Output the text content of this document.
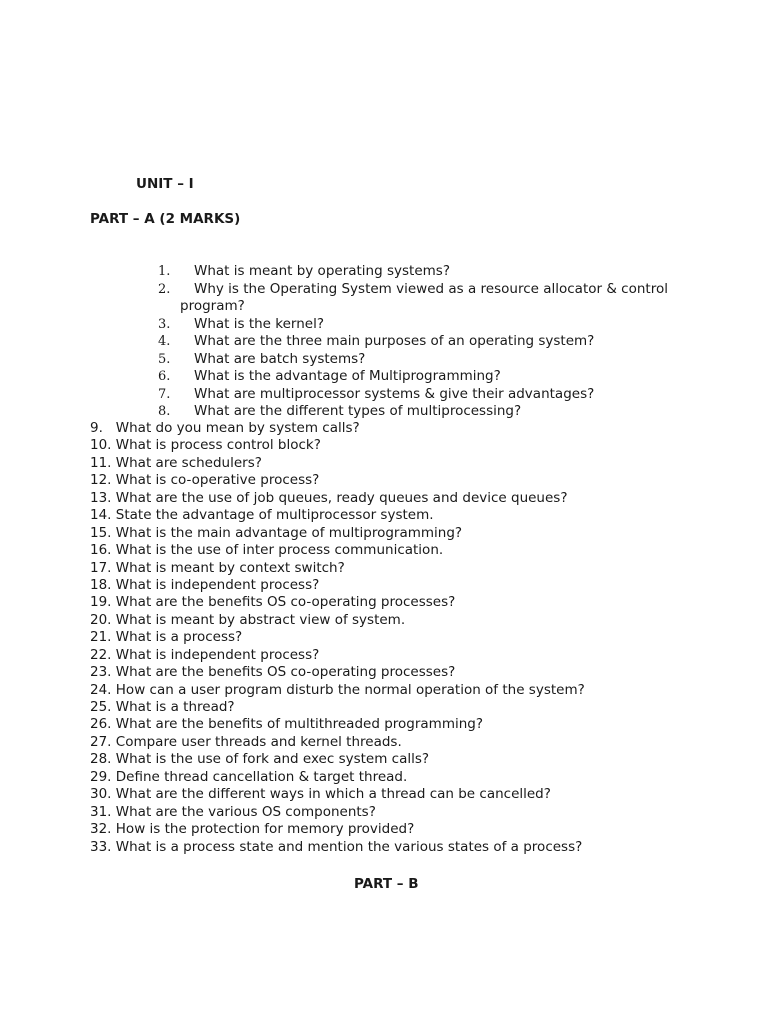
UNIT – I
PART – A (2 MARKS)
1. What is meant by operating systems?
2. Why is the Operating System viewed as a resource allocator & control
program?
3. What is the kernel?
4. What are the three main purposes of an operating system?
5. What are batch systems?
6. What is the advantage of Multiprogramming?
7. What are multiprocessor systems & give their advantages?
8. What are the different types of multiprocessing?
9. What do you mean by system calls?
10. What is process control block?
11. What are schedulers?
12. What is co-operative process?
13. What are the use of job queues, ready queues and device queues?
14. State the advantage of multiprocessor system.
15. What is the main advantage of multiprogramming?
16. What is the use of inter process communication.
17. What is meant by context switch?
18. What is independent process?
19. What are the benefits OS co-operating processes?
20. What is meant by abstract view of system.
21. What is a process?
22. What is independent process?
23. What are the benefits OS co-operating processes?
24. How can a user program disturb the normal operation of the system?
25. What is a thread?
26. What are the benefits of multithreaded programming?
27. Compare user threads and kernel threads.
28. What is the use of fork and exec system calls?
29. Define thread cancellation & target thread.
30. What are the different ways in which a thread can be cancelled?
31. What are the various OS components?
32. How is the protection for memory provided?
33. What is a process state and mention the various states of a process?
PART – B
